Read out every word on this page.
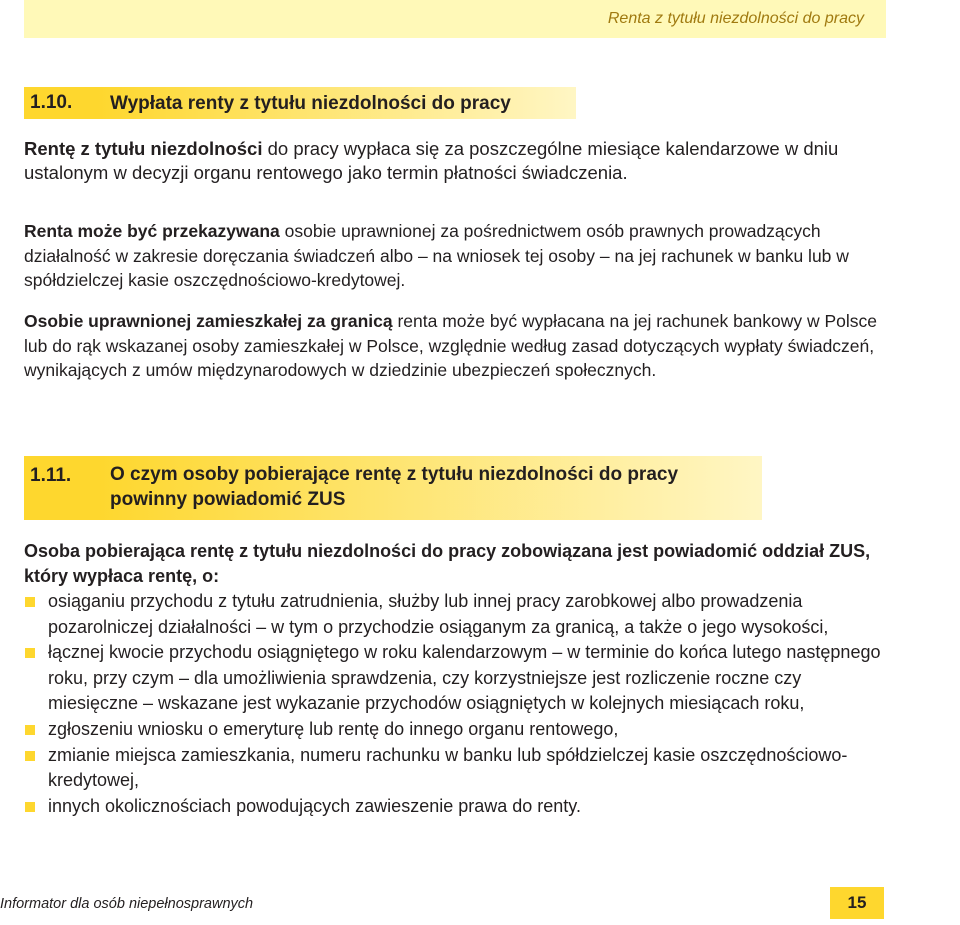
Renta z tytułu niezdolności do pracy
1.10. Wypłata renty z tytułu niezdolności do pracy

Rentę z tytułu niezdolności do pracy wypłaca się za poszczególne miesiące kalendarzowe w dniu ustalonym w decyzji organu rentowego jako termin płatności świadczenia.

Renta może być przekazywana osobie uprawnionej za pośrednictwem osób prawnych prowadzących działalność w zakresie doręczania świadczeń albo – na wniosek tej osoby – na jej rachunek w banku lub w spółdzielczej kasie oszczędnościowo-kredytowej.

Osobie uprawnionej zamieszkałej za granicą renta może być wypłacana na jej rachunek bankowy w Polsce lub do rąk wskazanej osoby zamieszkałej w Polsce, względnie według zasad dotyczących wypłaty świadczeń, wynikających z umów międzynarodowych w dziedzinie ubezpieczeń społecznych.

1.11. O czym osoby pobierające rentę z tytułu niezdolności do pracy powinny powiadomić ZUS

Osoba pobierająca rentę z tytułu niezdolności do pracy zobowiązana jest powiadomić oddział ZUS, który wypłaca rentę, o:

osiąganiu przychodu z tytułu zatrudnienia, służby lub innej pracy zarobkowej albo prowadzenia pozarolniczej działalności – w tym o przychodzie osiąganym za granicą, a także o jego wysokości,
łącznej kwocie przychodu osiągniętego w roku kalendarzowym – w terminie do końca lutego następnego roku, przy czym – dla umożliwienia sprawdzenia, czy korzystniejsze jest rozliczenie roczne czy miesięczne – wskazane jest wykazanie przychodów osiągniętych w kolejnych miesiącach roku,
zgłoszeniu wniosku o emeryturę lub rentę do innego organu rentowego,
zmianie miejsca zamieszkania, numeru rachunku w banku lub spółdzielczej kasie oszczędnościowo-kredytowej,
innych okolicznościach powodujących zawieszenie prawa do renty.
Informator dla osób niepełnosprawnych	15
